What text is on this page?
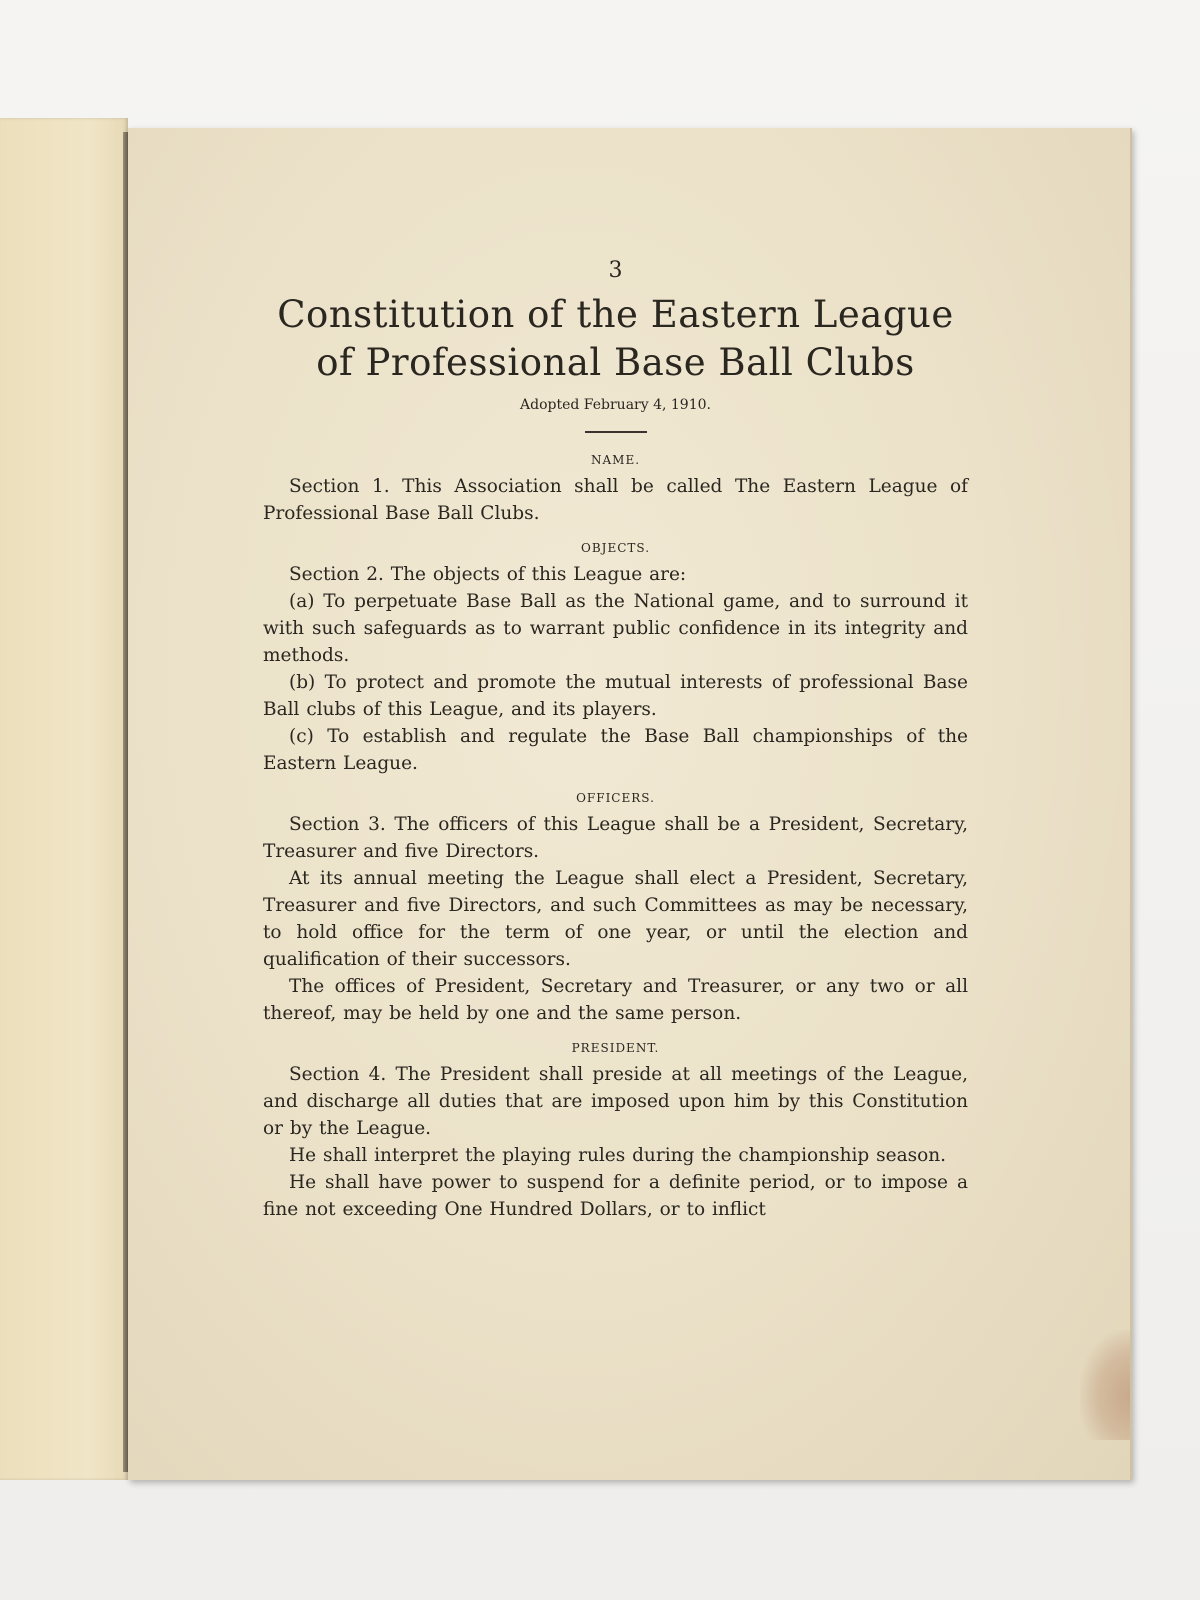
3

Constitution of the Eastern League
of Professional Base Ball Clubs

Adopted February 4, 1910.

NAME.

Section 1. This Association shall be called The Eastern League of Professional Base Ball Clubs.

OBJECTS.

Section 2. The objects of this League are:

(a) To perpetuate Base Ball as the National game, and to surround it with such safeguards as to warrant public confidence in its integrity and methods.

(b) To protect and promote the mutual interests of professional Base Ball clubs of this League, and its players.

(c) To establish and regulate the Base Ball championships of the Eastern League.

OFFICERS.

Section 3. The officers of this League shall be a President, Secretary, Treasurer and five Directors.

At its annual meeting the League shall elect a President, Secretary, Treasurer and five Directors, and such Committees as may be necessary, to hold office for the term of one year, or until the election and qualification of their successors.

The offices of President, Secretary and Treasurer, or any two or all thereof, may be held by one and the same person.

PRESIDENT.

Section 4. The President shall preside at all meetings of the League, and discharge all duties that are imposed upon him by this Constitution or by the League.

He shall interpret the playing rules during the championship season.

He shall have power to suspend for a definite period, or to impose a fine not exceeding One Hundred Dollars, or to inflict
